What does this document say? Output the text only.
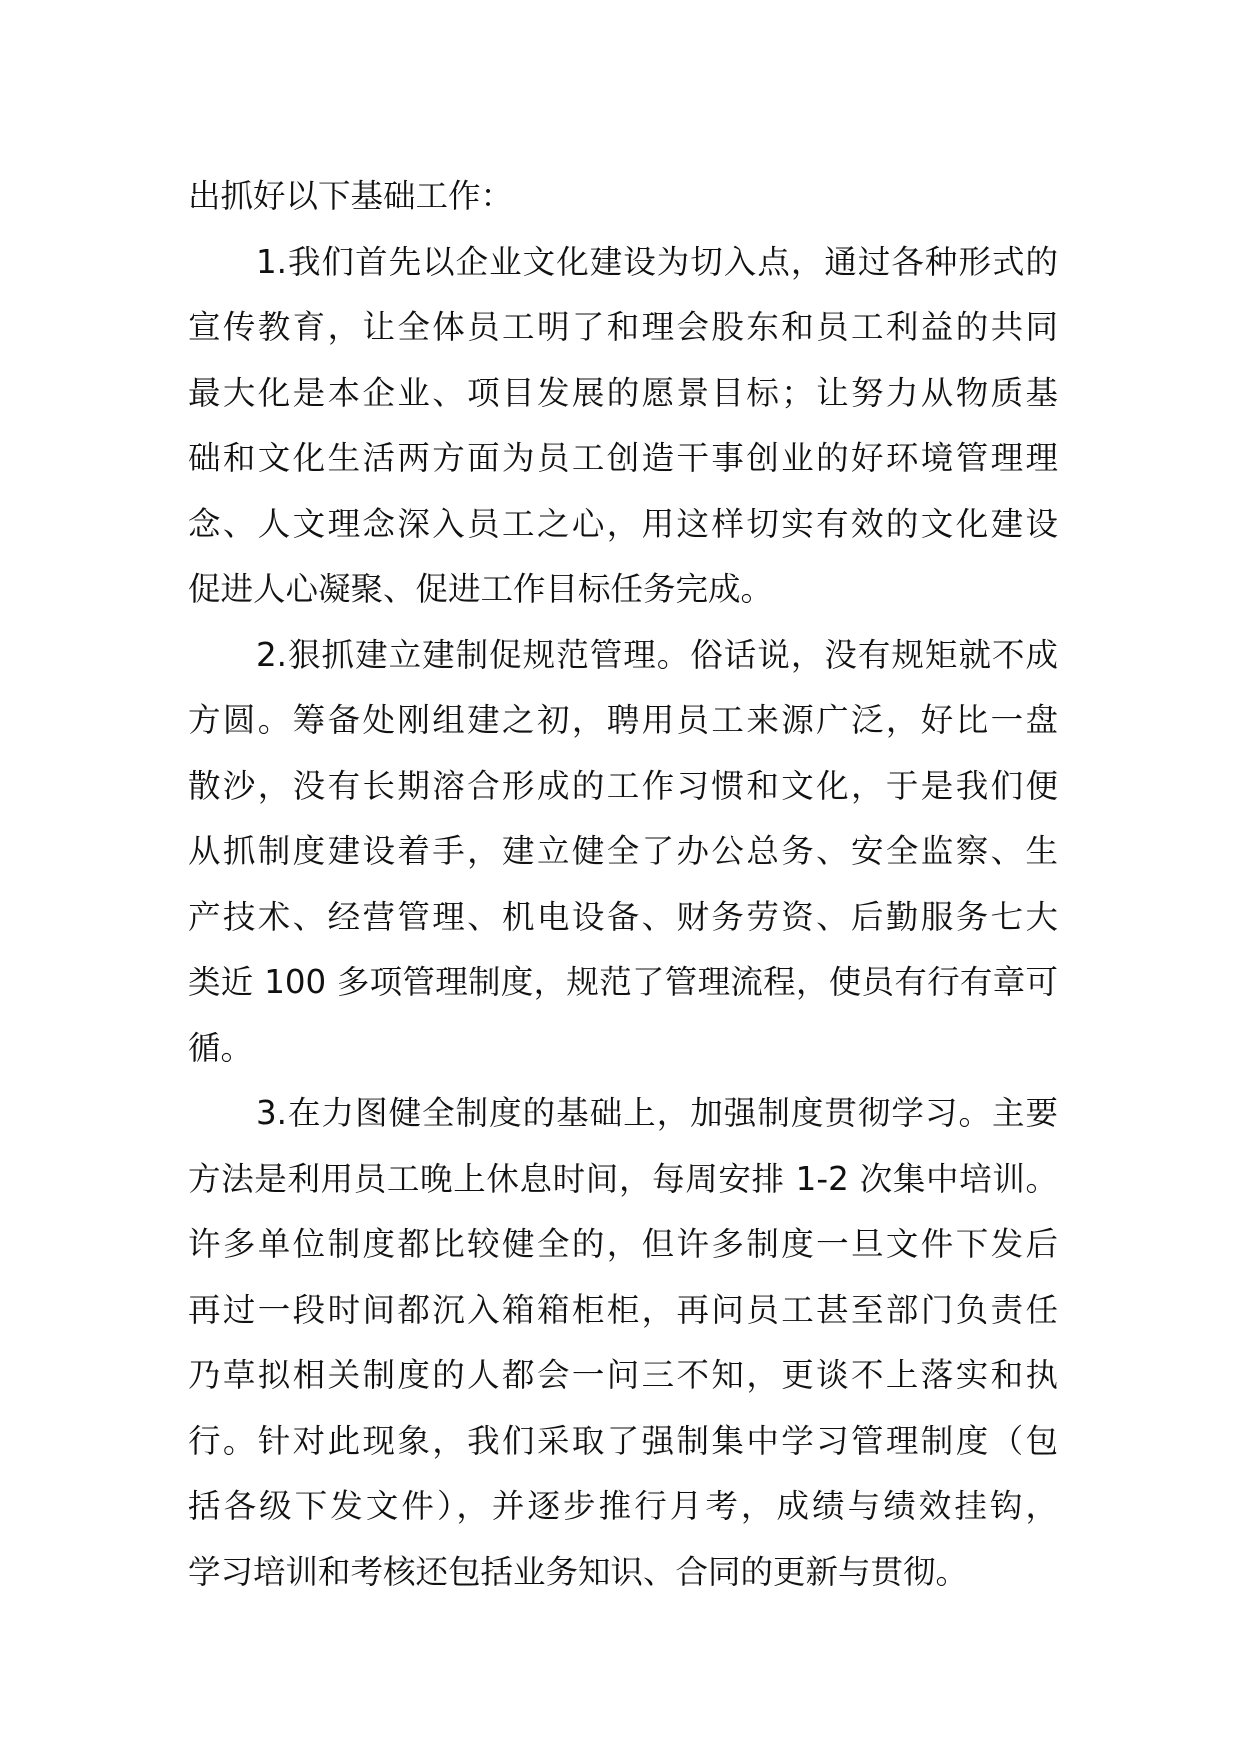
出抓好以下基础工作：
1.我们首先以企业文化建设为切入点，通过各种形式的
宣传教育，让全体员工明了和理会股东和员工利益的共同
最大化是本企业、项目发展的愿景目标；让努力从物质基
础和文化生活两方面为员工创造干事创业的好环境管理理
念、人文理念深入员工之心，用这样切实有效的文化建设
促进人心凝聚、促进工作目标任务完成。
2.狠抓建立建制促规范管理。俗话说，没有规矩就不成
方圆。筹备处刚组建之初，聘用员工来源广泛，好比一盘
散沙，没有长期溶合形成的工作习惯和文化，于是我们便
从抓制度建设着手，建立健全了办公总务、安全监察、生
产技术、经营管理、机电设备、财务劳资、后勤服务七大
类近 100 多项管理制度，规范了管理流程，使员有行有章可
循。
3.在力图健全制度的基础上，加强制度贯彻学习。主要
方法是利用员工晚上休息时间，每周安排 1-2 次集中培训。
许多单位制度都比较健全的，但许多制度一旦文件下发后
再过一段时间都沉入箱箱柜柜，再问员工甚至部门负责任
乃草拟相关制度的人都会一问三不知，更谈不上落实和执
行。针对此现象，我们采取了强制集中学习管理制度（包
括各级下发文件），并逐步推行月考，成绩与绩效挂钩，
学习培训和考核还包括业务知识、合同的更新与贯彻。
